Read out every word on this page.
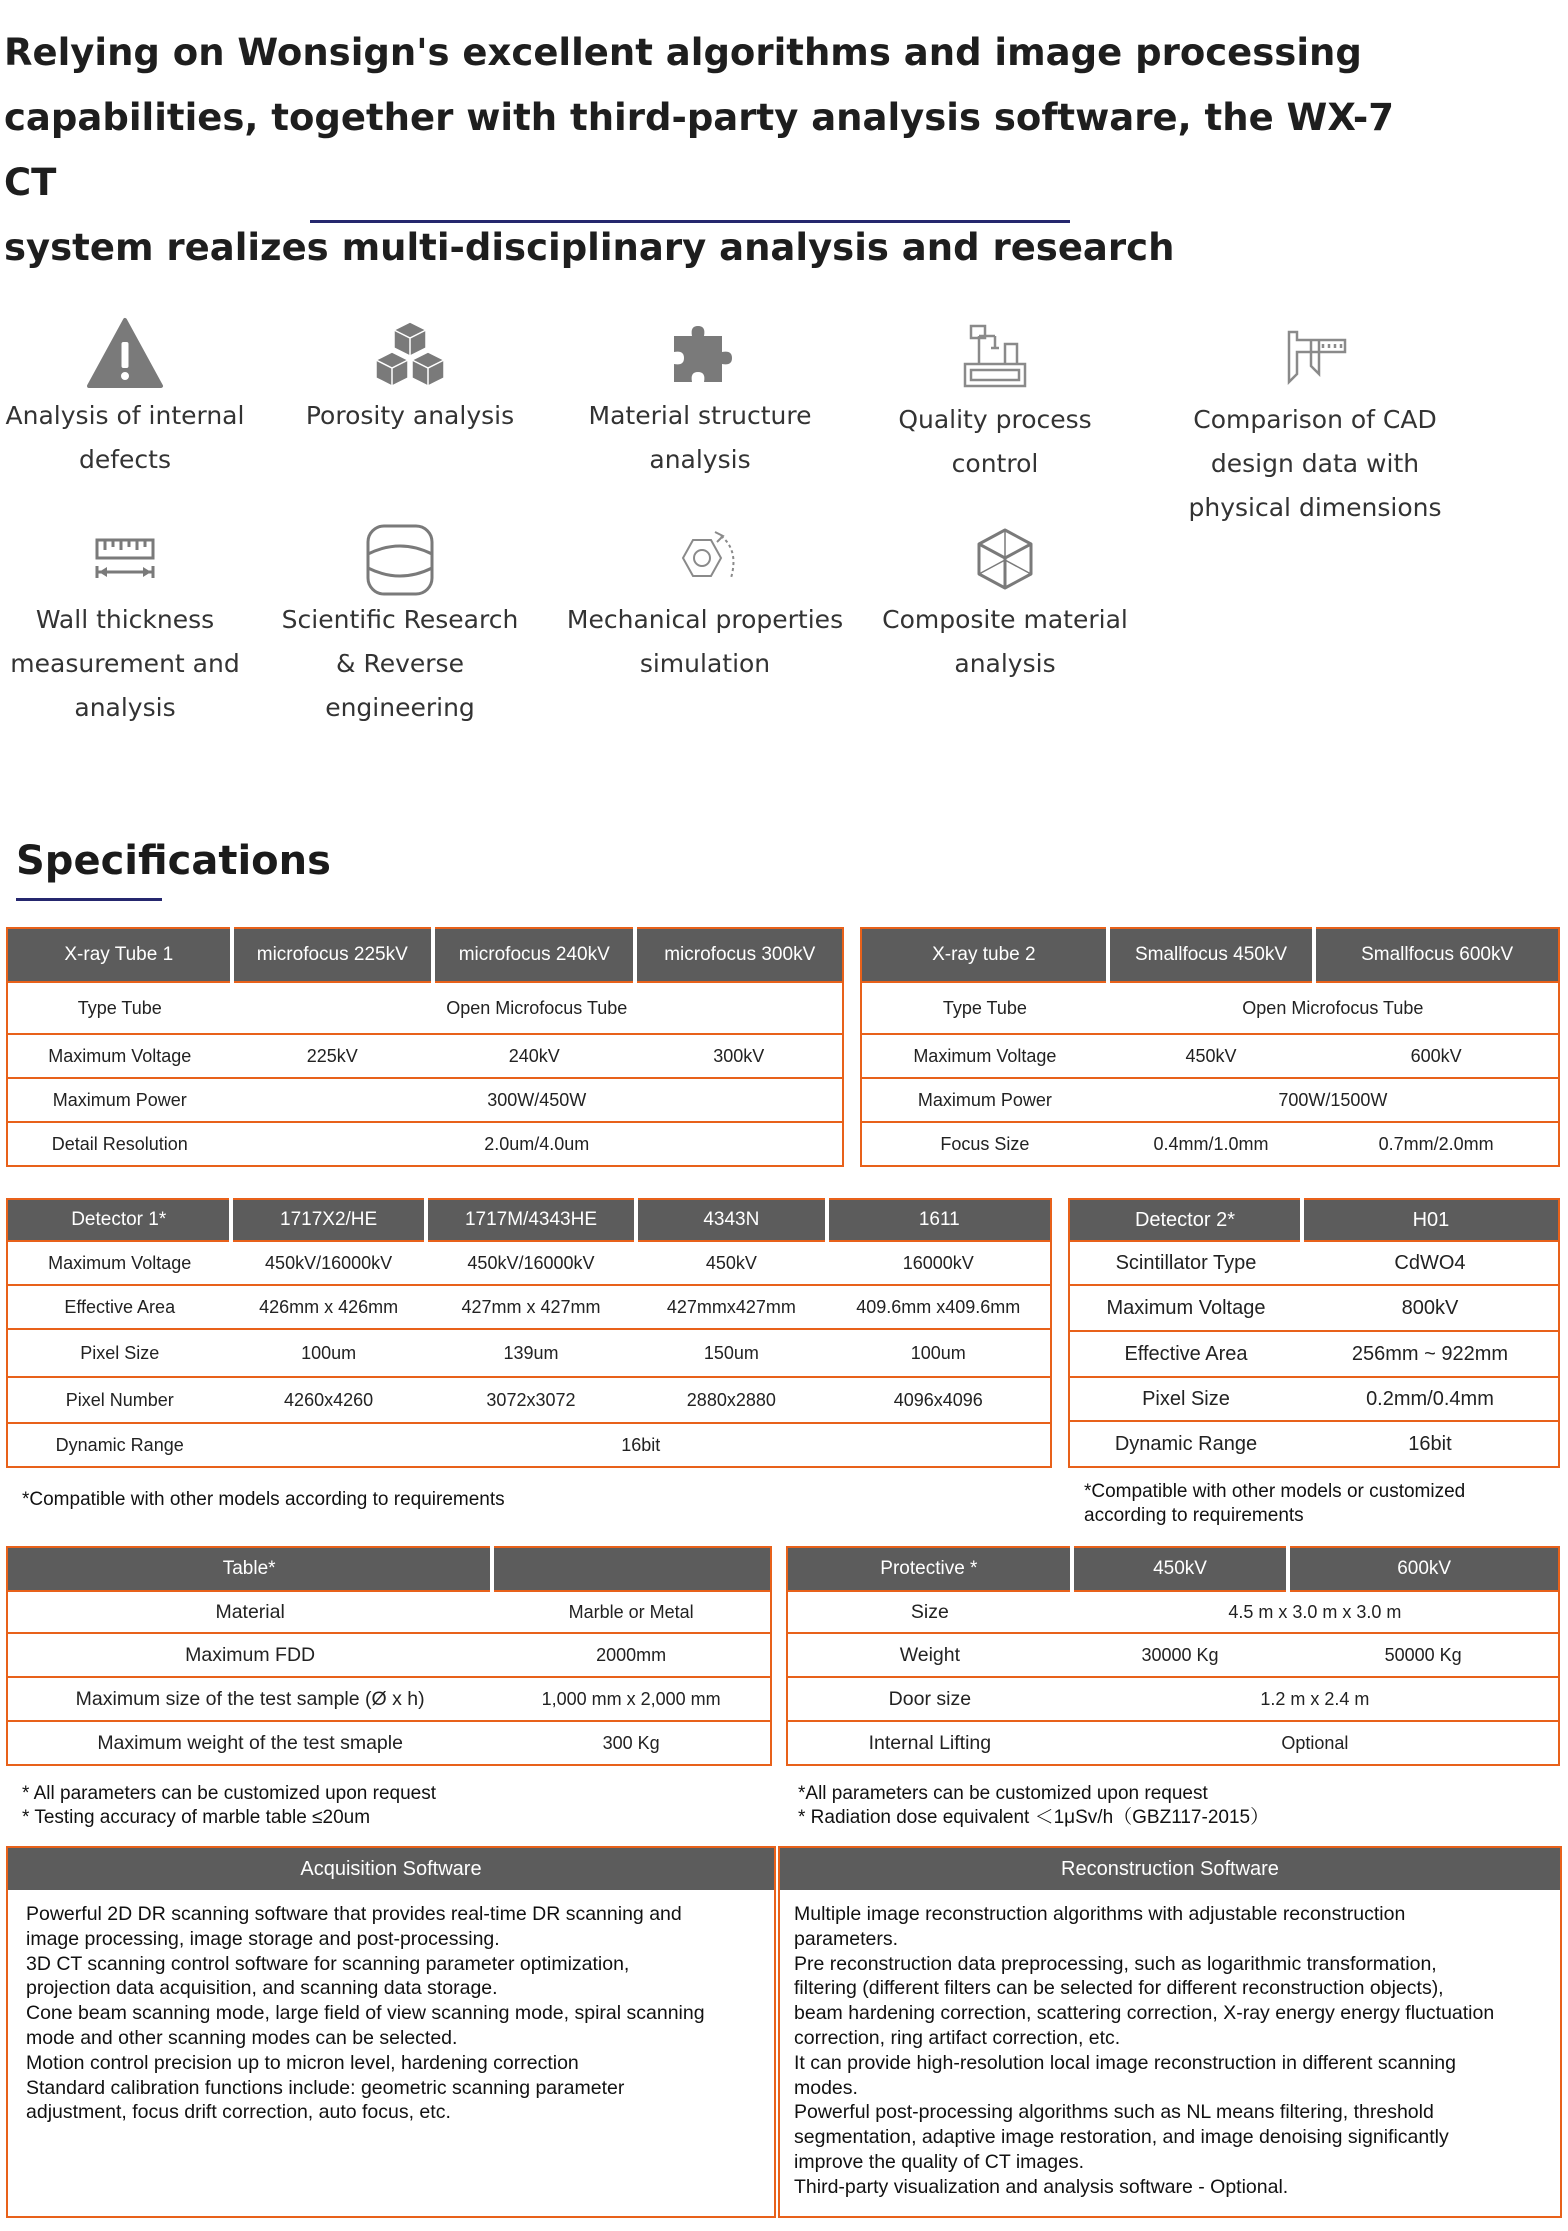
Relying on Wonsign's excellent algorithms and image processing
capabilities, together with third-party analysis software, the WX-7 CT
system realizes multi-disciplinary analysis and research
Analysis of internal
defects
Porosity analysis	Material structure
analysis
Quality process
control
Comparison of CAD
design data with
physical dimensions
Wall thickness
measurement and
analysis
Scientific Research
& Reverse
engineering
Mechanical properties
simulation
Composite material
analysis
Specifications
X-ray Tube 1	microfocus 225kV	microfocus 240kV	microfocus 300kV
Type Tube	Open Microfocus Tube		
Maximum Voltage	225kV	240kV	300kV
Maximum Power	300W/450W		
Detail Resolution	2.0um/4.0um		
X-ray tube 2	Smallfocus 450kV	Smallfocus 600kV
Type Tube	Open Microfocus Tube	
Maximum Voltage	450kV	600kV
Maximum Power	700W/1500W	
Focus Size	0.4mm/1.0mm	0.7mm/2.0mm
Detector 1*	1717X2/HE	1717M/4343HE	4343N	1611
Maximum Voltage	450kV/16000kV	450kV/16000kV	450kV	16000kV
Effective Area	426mm x 426mm	427mm x 427mm	427mmx427mm	409.6mm x409.6mm
Pixel Size	100um	139um	150um	100um
Pixel Number	4260x4260	3072x3072	2880x2880	4096x4096
Dynamic Range	16bit			
*Compatible with other models according to requirements
Detector 2*	H01
Scintillator Type	CdWO4
Maximum Voltage	800kV
Effective Area	256mm ~ 922mm
Pixel Size	0.2mm/0.4mm
Dynamic Range	16bit
*Compatible with other models or customized
according to requirements
Table*	
Material	Marble or Metal
Maximum FDD	2000mm
Maximum size of the test sample (Ø x h)	1,000 mm x 2,000 mm
Maximum weight of the test smaple	300 Kg
* All parameters can be customized upon request
* Testing accuracy of marble table ≤20um
Protective *	450kV	600kV
Size	4.5 m x 3.0 m x 3.0 m	
Weight	30000 Kg	50000 Kg
Door size	1.2 m x 2.4 m	
Internal Lifting	Optional	
*All parameters can be customized upon request
* Radiation dose equivalent ＜1μSv/h（GBZ117-2015）
Acquisition Software
Powerful 2D DR scanning software that provides real-time DR scanning and
image processing, image storage and post-processing.
3D CT scanning control software for scanning parameter optimization,
projection data acquisition, and scanning data storage.
Cone beam scanning mode, large field of view scanning mode, spiral scanning
mode and other scanning modes can be selected.
Motion control precision up to micron level, hardening correction
Standard calibration functions include: geometric scanning parameter
adjustment, focus drift correction, auto focus, etc.
Reconstruction Software
Multiple image reconstruction algorithms with adjustable reconstruction
parameters.
Pre reconstruction data preprocessing, such as logarithmic transformation,
filtering (different filters can be selected for different reconstruction objects),
beam hardening correction, scattering correction, X-ray energy energy fluctuation
correction, ring artifact correction, etc.
It can provide high-resolution local image reconstruction in different scanning
modes.
Powerful post-processing algorithms such as NL means filtering, threshold
segmentation, adaptive image restoration, and image denoising significantly
improve the quality of CT images.
Third-party visualization and analysis software - Optional.
